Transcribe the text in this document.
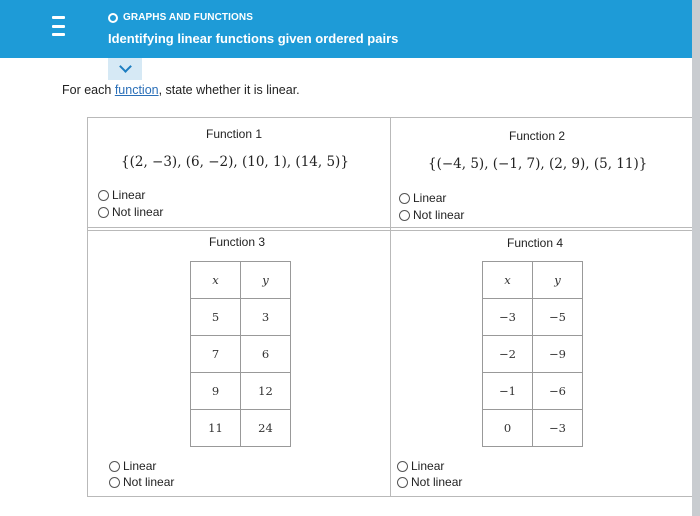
GRAPHS AND FUNCTIONS
Identifying linear functions given ordered pairs
For each function, state whether it is linear.
Function 1
{(2, −3), (6, −2), (10, 1), (14, 5)}
Linear
Not linear
Function 2
{(−4, 5), (−1, 7), (2, 9), (5, 11)}
Linear
Not linear
Function 3
x	y
5	3
7	6
9	12
11	24
Linear
Not linear
Function 4
x	y
−3	−5
−2	−9
−1	−6
0	−3
Linear
Not linear
